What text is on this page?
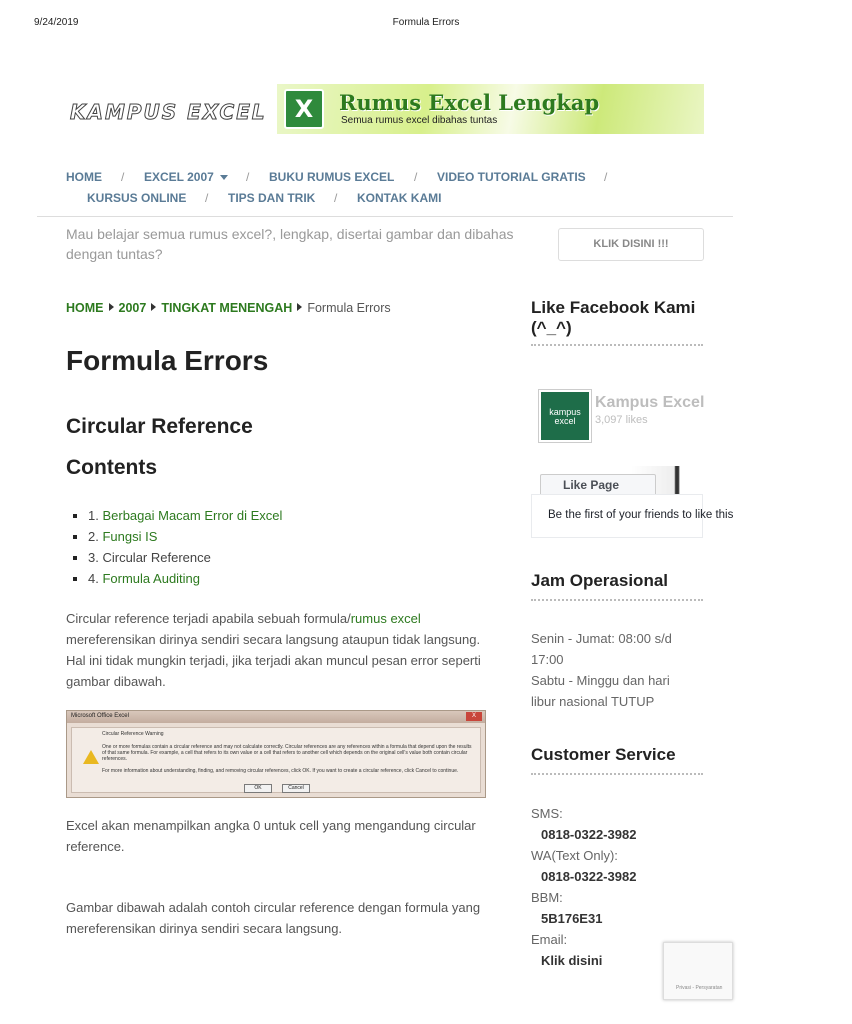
9/24/2019	Formula Errors
KAMPUS EXCEL	X	Rumus Excel Lengkap
Semua rumus excel dibahas tuntas
HOME / EXCEL 2007	/ BUKU RUMUS EXCEL / VIDEO TUTORIAL GRATIS /
KURSUS ONLINE / TIPS DAN TRIK / KONTAK KAMI
Mau belajar semua rumus excel?, lengkap, disertai gambar dan dibahas dengan tuntas?
KLIK DISINI !!!
HOME 2007 TINGKAT MENENGAH Formula Errors
Formula Errors
Circular Reference
Contents
1. Berbagai Macam Error di Excel
2. Fungsi IS
3. Circular Reference
4. Formula Auditing

Circular reference terjadi apabila sebuah formula/rumus excel mereferensikan dirinya sendiri secara langsung ataupun tidak langsung. Hal ini tidak mungkin terjadi, jika terjadi akan muncul pesan error seperti gambar dibawah.

Microsoft Office Excel	X
Circular Reference Warning
One or more formulas contain a circular reference and may not calculate correctly. Circular references are any references within a formula that depend upon the results of that same formula. For example, a cell that refers to its own value or a cell that refers to another cell which depends on the original cell's value both contain circular references.
For more information about understanding, finding, and removing circular references, click OK. If you want to create a circular reference, click Cancel to continue.
OK	Cancel

Excel akan menampilkan angka 0 untuk cell yang mengandung circular reference.

Gambar dibawah adalah contoh circular reference dengan formula yang mereferensikan dirinya sendiri secara langsung.

Like Facebook Kami (^_^)
kampus excel
Kampus Excel
3,097 likes
Like Page
Be the first of your friends to like this
Jam Operasional
Senin - Jumat: 08:00 s/d 17:00
Sabtu - Minggu dan hari libur nasional TUTUP
Customer Service
SMS:
0818-0322-3982
WA(Text Only):
0818-0322-3982
BBM:
5B176E31
Email:
Klik disini
Privasi - Persyaratan
